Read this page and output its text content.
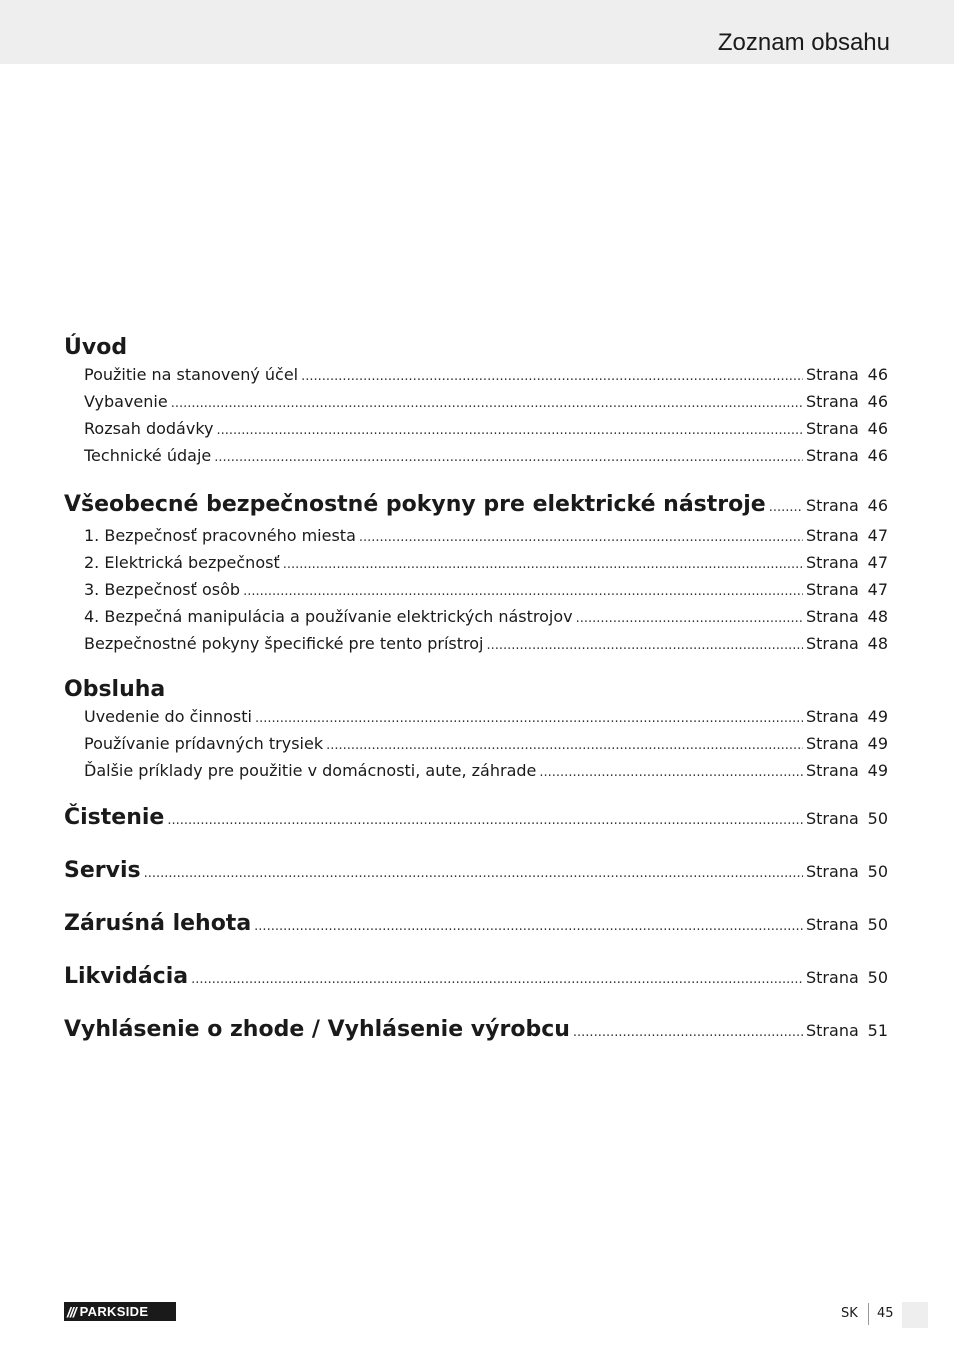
Zoznam obsahu
Úvod
Použitie na stanovený účel .....	Strana 46
Vybavenie .....	Strana 46
Rozsah dodávky .....	Strana 46
Technické údaje .....	Strana 46
Všeobecné bezpečnostné pokyny pre elektrické nástroje .....	Strana 46
1. Bezpečnosť pracovného miesta .....	Strana 47
2. Elektrická bezpečnosť .....	Strana 47
3. Bezpečnosť osôb .....	Strana 47
4. Bezpečná manipulácia a používanie elektrických nástrojov .....	Strana 48
Bezpečnostné pokyny špecifické pre tento prístroj .....	Strana 48
Obsluha
Uvedenie do činnosti .....	Strana 49
Používanie prídavných trysiek .....	Strana 49
Ďalšie príklady pre použitie v domácnosti, aute, záhrade .....	Strana 49
Čistenie .....	Strana 50
Servis .....	Strana 50
Záruśná lehota .....	Strana 50
Likvidácia .....	Strana 50
Vyhlásenie o zhode / Vyhlásenie výrobcu .....	Strana 51
/// PARKSIDE	SK 45
